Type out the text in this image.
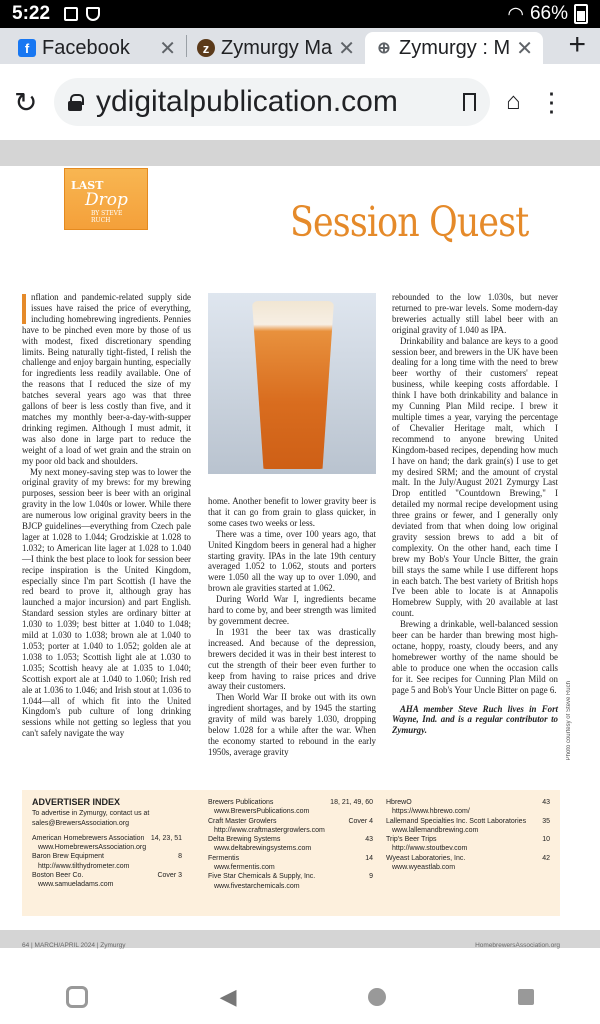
5:22	◠ 66%
f Facebook	✕	z Zymurgy Ma ✕ ⊕ Zymurgy : M ✕ +
↻ ydigitalpublication.com	⌂ ⋮
LAST
Drop
BY STEVE RUCH	Session Quest

nflation and pandemic-related supply side issues have raised the price of everything, including homebrewing ingredients. Pennies have to be pinched even more by those of us with modest, fixed discretionary spending limits. Being naturally tight-fisted, I relish the challenge and enjoy bargain hunting, especially for ingredients less readily available. One of the reasons that I reduced the size of my batches several years ago was that three gallons of beer is less costly than five, and it matches my monthly beer-a-day-with-supper drinking regimen. Although I must admit, it was also done in large part to reduce the weight of a load of wet grain and the strain on my poor old back and shoulders.

My next money-saving step was to lower the original gravity of my brews: for my brewing purposes, session beer is beer with an original gravity in the low 1.040s or lower. While there are numerous low original gravity beers in the BJCP guidelines—everything from Czech pale lager at 1.028 to 1.044; Grodziskie at 1.028 to 1.032; to American lite lager at 1.028 to 1.040—I think the best place to look for session beer recipe inspiration is the United Kingdom, especially since I'm part Scottish (I have the red beard to prove it, although gray has launched a major incursion) and part English. Standard session styles are ordinary bitter at 1.030 to 1.039; best bitter at 1.040 to 1.048; mild at 1.030 to 1.038; brown ale at 1.040 to 1.053; porter at 1.040 to 1.052; golden ale at 1.038 to 1.053; Scottish light ale at 1.030 to 1.035; Scottish heavy ale at 1.035 to 1.040; Scottish export ale at 1.040 to 1.060; Irish red ale at 1.036 to 1.046; and Irish stout at 1.036 to 1.044—all of which fit into the United Kingdom's pub culture of long drinking sessions while not getting so legless that you can't safely navigate the way

home. Another benefit to lower gravity beer is that it can go from grain to glass quicker, in some cases two weeks or less.

There was a time, over 100 years ago, that United Kingdom beers in general had a higher starting gravity. IPAs in the late 19th century averaged 1.052 to 1.062, stouts and porters were 1.050 all the way up to over 1.090, and brown ale gravities started at 1.062.

During World War I, ingredients became hard to come by, and beer strength was limited by government decree.

In 1931 the beer tax was drastically increased. And because of the depression, brewers decided it was in their best interest to cut the strength of their beer even further to keep from having to raise prices and drive away their customers.

Then World War II broke out with its own ingredient shortages, and by 1945 the starting gravity of mild was barely 1.030, dropping below 1.028 for a while after the war. When the economy started to rebound in the early 1950s, average gravity

rebounded to the low 1.030s, but never returned to pre-war levels. Some modern-day breweries actually still label beer with an original gravity of 1.040 as IPA.

Drinkability and balance are keys to a good session beer, and brewers in the UK have been dealing for a long time with the need to brew beer worthy of their customers' repeat business, while keeping costs affordable. I think I have both drinkability and balance in my Cunning Plan Mild recipe. I brew it multiple times a year, varying the percentage of Chevalier Heritage malt, which I recommend to anyone brewing United Kingdom-based recipes, depending how much I have on hand; the dark grain(s) I use to get my desired SRM; and the amount of crystal malt. In the July/August 2021 Zymurgy Last Drop entitled "Countdown Brewing," I detailed my normal recipe development using three grains or fewer, and I generally only deviated from that when doing low original gravity session brews to add a bit of complexity. On the other hand, each time I brew my Bob's Your Uncle Bitter, the grain bill stays the same while I use different hops in each batch. The best variety of British hops I've been able to locate is at Annapolis Homebrew Supply, with 20 available at last count.

Brewing a drinkable, well-balanced session beer can be harder than brewing most high-octane, hoppy, roasty, cloudy beers, and any homebrewer worthy of the name should be able to produce one when the occasion calls for it. See recipes for Cunning Plan Mild on page 5 and Bob's Your Uncle Bitter on page 6.

AHA member Steve Ruch lives in Fort Wayne, Ind. and is a regular contributor to Zymurgy.	Photo courtesy of Steve Ruch
ADVERTISER INDEX
To advertise in Zymurgy, contact us at sales@BrewersAssociation.org
American Homebrewers Association 14, 23, 51
www.HomebrewersAssociation.org
Baron Brew Equipment	8
http://www.tilthydrometer.com
Boston Beer Co.	Cover 3
www.samueladams.com
Brewers Publications	18, 21, 49, 60
www.BrewersPublications.com
Craft Master Growlers	Cover 4
http://www.craftmastergrowlers.com
Delta Brewing Systems	43
www.deltabrewingsystems.com
Fermentis	14
www.fermentis.com
Five Star Chemicals & Supply, Inc.	9
www.fivestarchemicals.com
HbrewO	43
https://www.hbrewo.com/
Lallemand Specialties Inc. Scott Laboratories 35
www.lallemandbrewing.com
Trip's Beer Trips	10
http://www.stoutbev.com
Wyeast Laboratories, Inc.	42
www.wyeastlab.com
64 | MARCH/APRIL 2024 | Zymurgy	HomebrewersAssociation.org
◀
